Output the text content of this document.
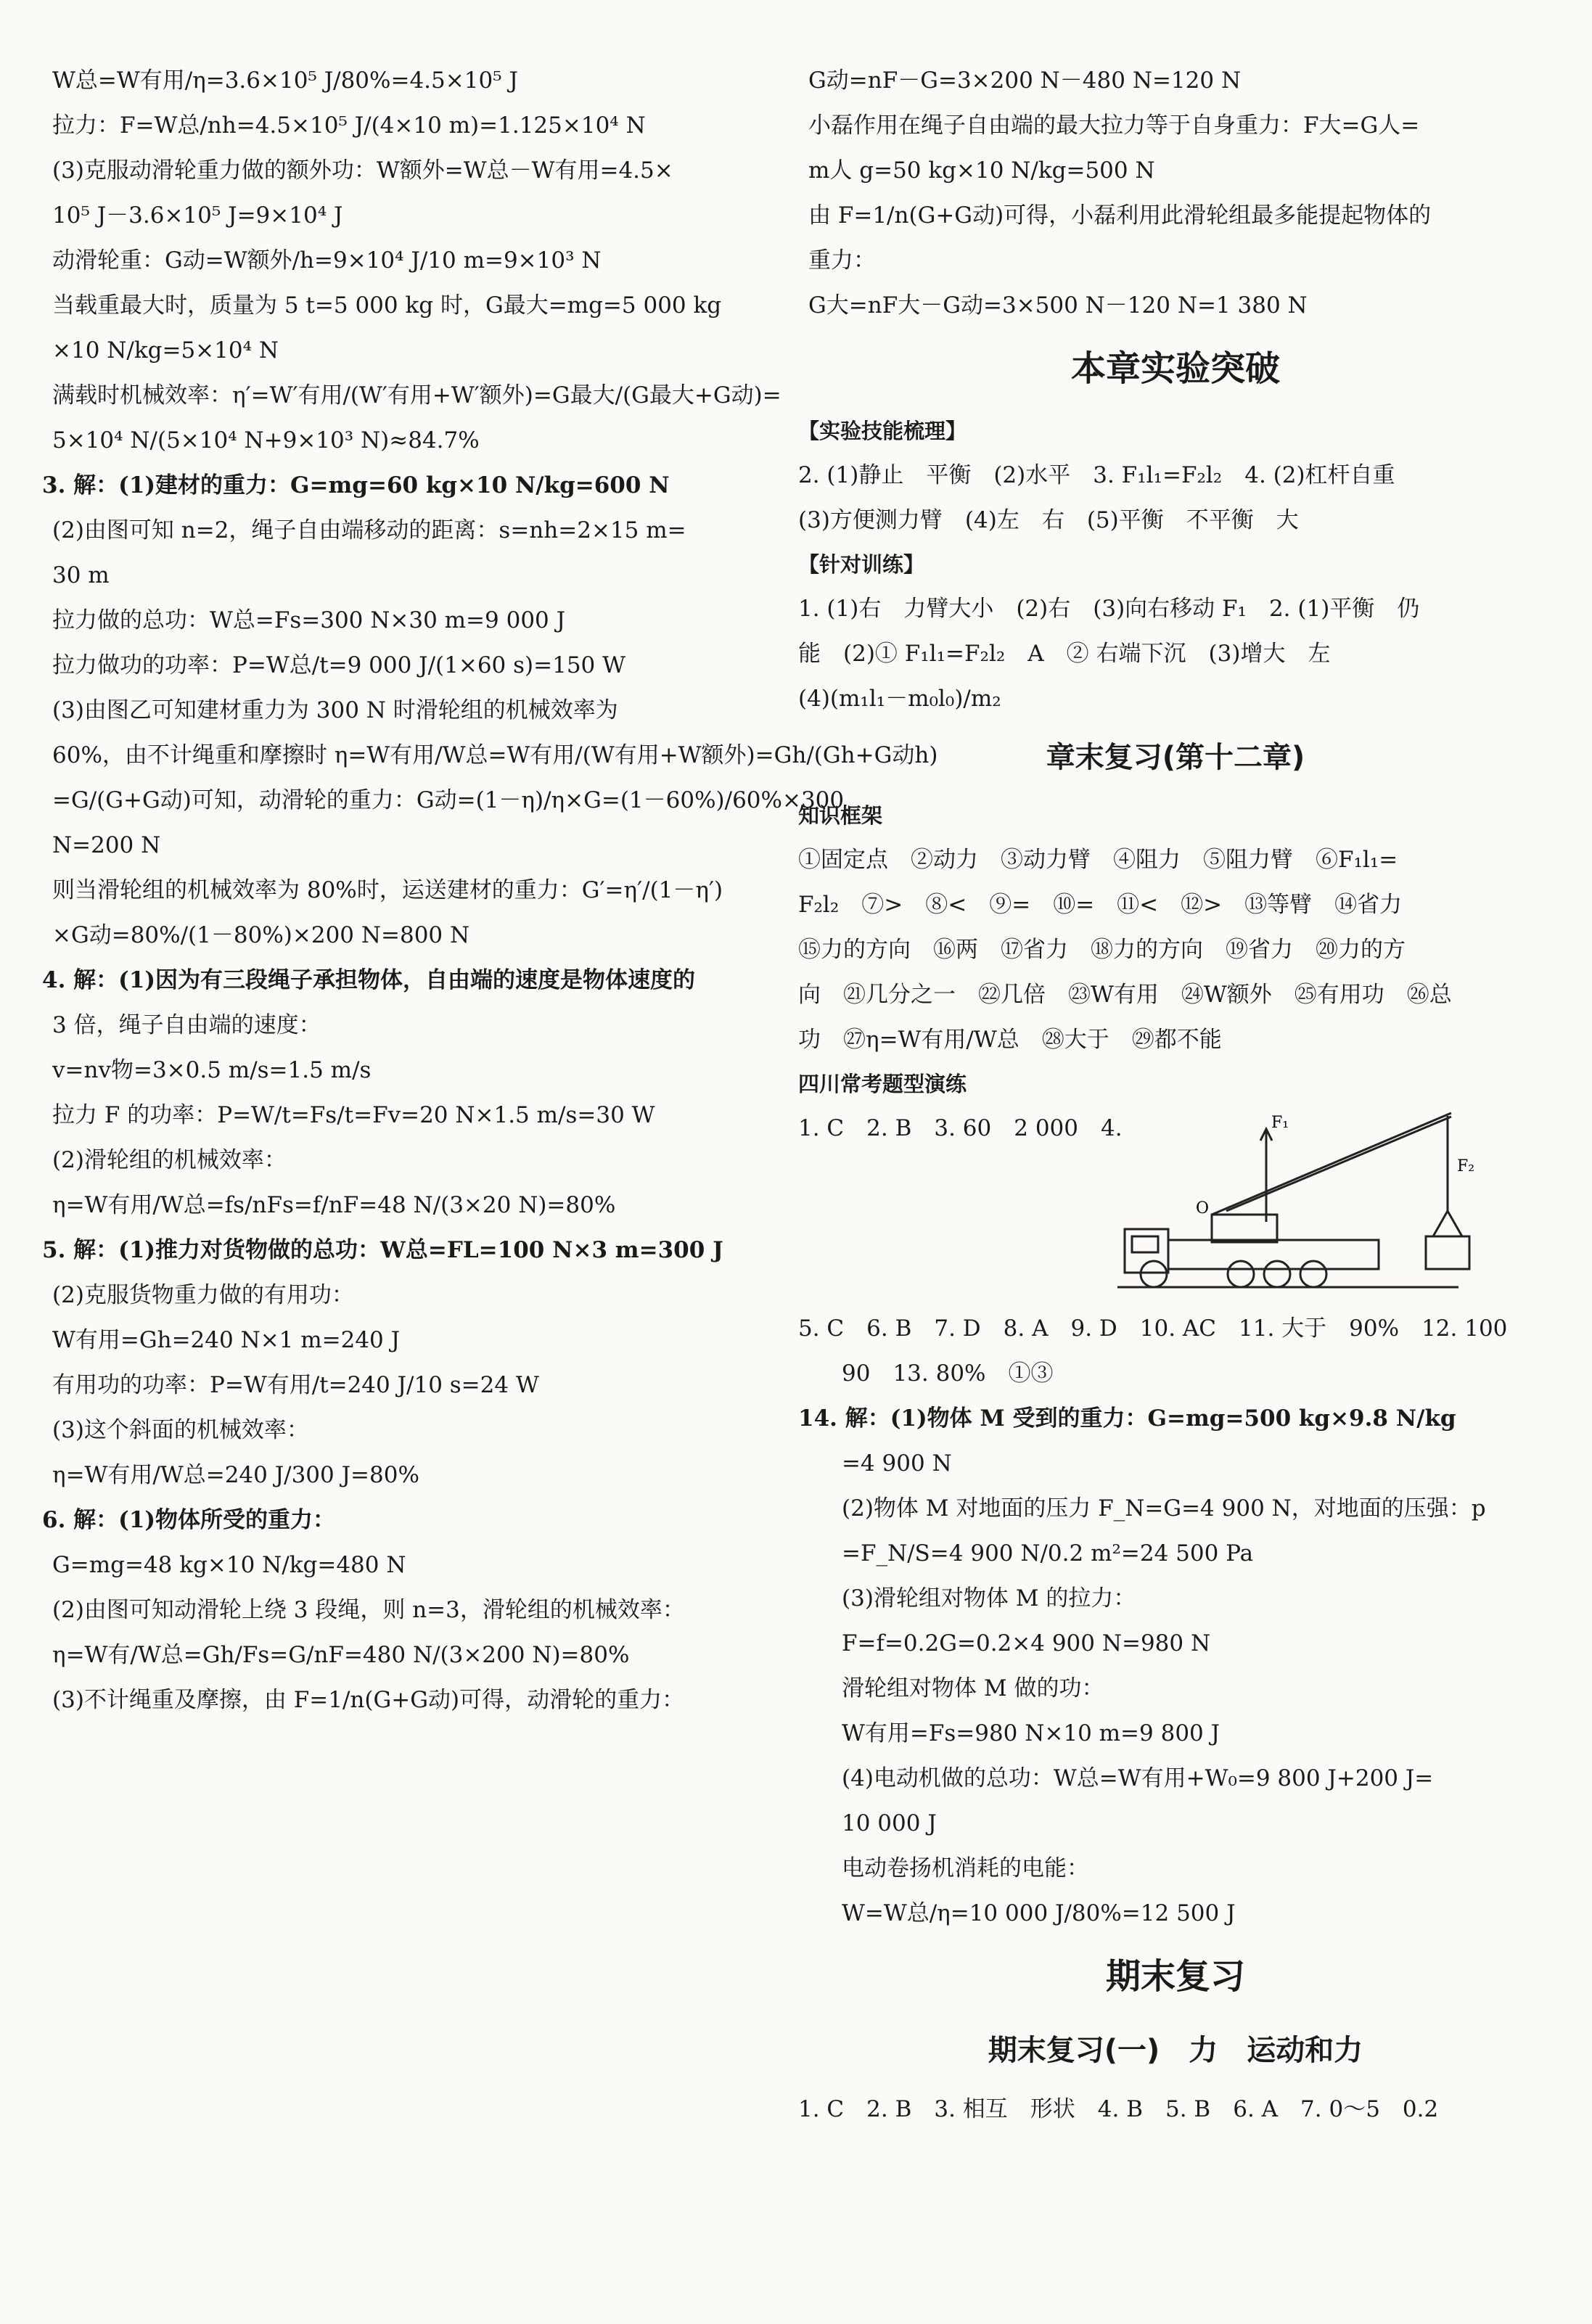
W总=W有用/η=3.6×10⁵ J/80%=4.5×10⁵ J

拉力：F=W总/nh=4.5×10⁵ J/(4×10 m)=1.125×10⁴ N

(3)克服动滑轮重力做的额外功：W额外=W总－W有用=4.5×

10⁵ J－3.6×10⁵ J=9×10⁴ J

动滑轮重：G动=W额外/h=9×10⁴ J/10 m=9×10³ N

当载重最大时，质量为 5 t=5 000 kg 时，G最大=mg=5 000 kg

×10 N/kg=5×10⁴ N

满载时机械效率：η′=W′有用/(W′有用+W′额外)=G最大/(G最大+G动)=

5×10⁴ N/(5×10⁴ N+9×10³ N)≈84.7%

3. 解：(1)建材的重力：G=mg=60 kg×10 N/kg=600 N

(2)由图可知 n=2，绳子自由端移动的距离：s=nh=2×15 m=

30 m

拉力做的总功：W总=Fs=300 N×30 m=9 000 J

拉力做功的功率：P=W总/t=9 000 J/(1×60 s)=150 W

(3)由图乙可知建材重力为 300 N 时滑轮组的机械效率为

60%，由不计绳重和摩擦时 η=W有用/W总=W有用/(W有用+W额外)=Gh/(Gh+G动h)

=G/(G+G动)可知，动滑轮的重力：G动=(1－η)/η×G=(1－60%)/60%×300

N=200 N

则当滑轮组的机械效率为 80%时，运送建材的重力：G′=η′/(1－η′)

×G动=80%/(1－80%)×200 N=800 N

4. 解：(1)因为有三段绳子承担物体，自由端的速度是物体速度的

3 倍，绳子自由端的速度：

v=nv物=3×0.5 m/s=1.5 m/s

拉力 F 的功率：P=W/t=Fs/t=Fv=20 N×1.5 m/s=30 W

(2)滑轮组的机械效率：

η=W有用/W总=fs/nFs=f/nF=48 N/(3×20 N)=80%

5. 解：(1)推力对货物做的总功：W总=FL=100 N×3 m=300 J

(2)克服货物重力做的有用功：

W有用=Gh=240 N×1 m=240 J

有用功的功率：P=W有用/t=240 J/10 s=24 W

(3)这个斜面的机械效率：

η=W有用/W总=240 J/300 J=80%

6. 解：(1)物体所受的重力：

G=mg=48 kg×10 N/kg=480 N

(2)由图可知动滑轮上绕 3 段绳，则 n=3，滑轮组的机械效率：

η=W有/W总=Gh/Fs=G/nF=480 N/(3×200 N)=80%

(3)不计绳重及摩擦，由 F=1/n(G+G动)可得，动滑轮的重力：

G动=nF－G=3×200 N－480 N=120 N

小磊作用在绳子自由端的最大拉力等于自身重力：F大=G人=

m人 g=50 kg×10 N/kg=500 N

由 F=1/n(G+G动)可得，小磊利用此滑轮组最多能提起物体的

重力：

G大=nF大－G动=3×500 N－120 N=1 380 N

本章实验突破
【实验技能梳理】

2. (1)静止　平衡　(2)水平　3. F₁l₁=F₂l₂　4. (2)杠杆自重

(3)方便测力臂　(4)左　右　(5)平衡　不平衡　大

【针对训练】

1. (1)右　力臂大小　(2)右　(3)向右移动 F₁　2. (1)平衡　仍

能　(2)① F₁l₁=F₂l₂　A　② 右端下沉　(3)增大　左

(4)(m₁l₁－m₀l₀)/m₂

章末复习(第十二章)
知识框架

①固定点　②动力　③动力臂　④阻力　⑤阻力臂　⑥F₁l₁=

F₂l₂　⑦>　⑧<　⑨=　⑩=　⑪<　⑫>　⑬等臂　⑭省力

⑮力的方向　⑯两　⑰省力　⑱力的方向　⑲省力　⑳力的方

向　㉑几分之一　㉒几倍　㉓W有用　㉔W额外　㉕有用功　㉖总

功　㉗η=W有用/W总　㉘大于　㉙都不能

四川常考题型演练

1. C　2. B　3. 60　2 000　4.	F₁
F₂
O

5. C　6. B　7. D　8. A　9. D　10. AC　11. 大于　90%　12. 100

90　13. 80%　①③

14. 解：(1)物体 M 受到的重力：G=mg=500 kg×9.8 N/kg

=4 900 N

(2)物体 M 对地面的压力 F_N=G=4 900 N，对地面的压强：p

=F_N/S=4 900 N/0.2 m²=24 500 Pa

(3)滑轮组对物体 M 的拉力：

F=f=0.2G=0.2×4 900 N=980 N

滑轮组对物体 M 做的功：

W有用=Fs=980 N×10 m=9 800 J

(4)电动机做的总功：W总=W有用+W₀=9 800 J+200 J=

10 000 J

电动卷扬机消耗的电能：

W=W总/η=10 000 J/80%=12 500 J

期末复习
期末复习(一)　力　运动和力

1. C　2. B　3. 相互　形状　4. B　5. B　6. A　7. 0～5　0.2
